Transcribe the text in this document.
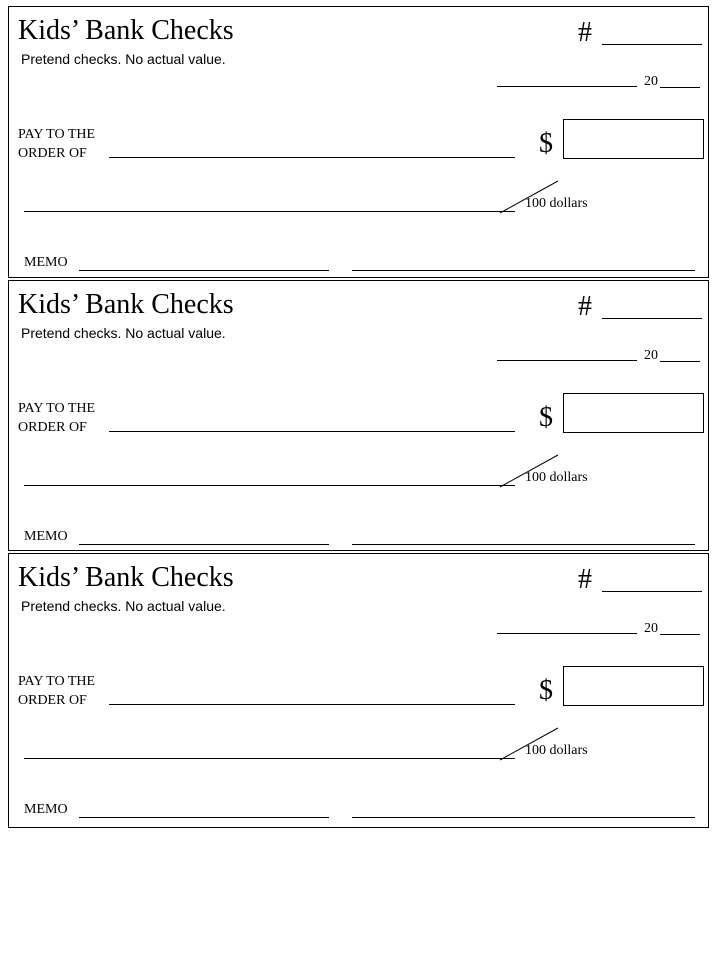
Kids’ Bank Checks
Pretend checks. No actual value.
#
20
PAY TO THE
ORDER OF	$
100 dollars
MEMO
Kids’ Bank Checks
Pretend checks. No actual value.
#
20
PAY TO THE
ORDER OF	$
100 dollars
MEMO
Kids’ Bank Checks
Pretend checks. No actual value.
#
20
PAY TO THE
ORDER OF	$
100 dollars
MEMO
